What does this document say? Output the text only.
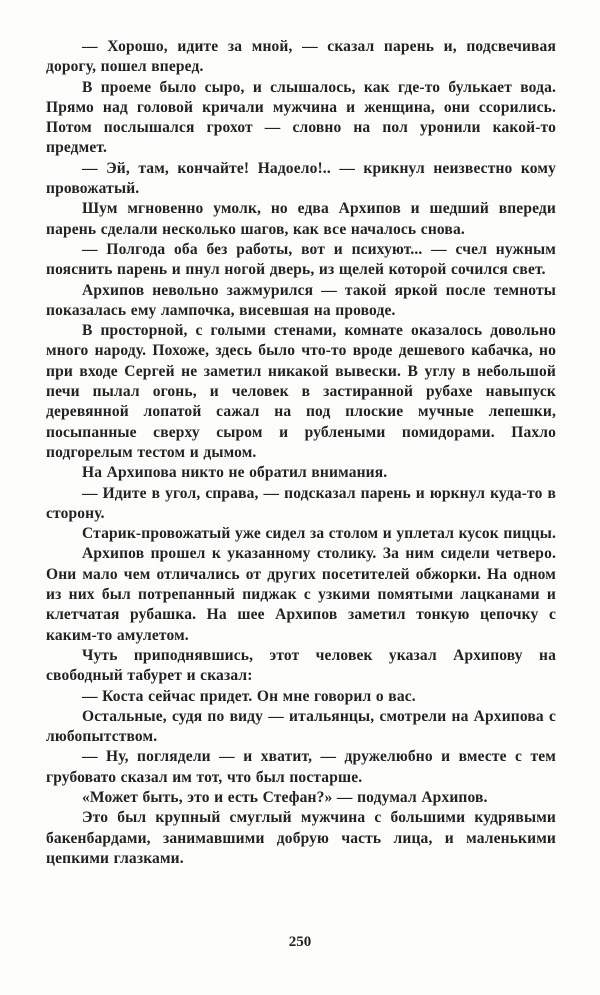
— Хорошо, идите за мной, — сказал парень и, подсвечивая дорогу, пошел вперед.

В проеме было сыро, и слышалось, как где-то булькает вода. Прямо над головой кричали мужчина и женщина, они ссорились. Потом послышался грохот — словно на пол уронили какой-то предмет.

— Эй, там, кончайте! Надоело!.. — крикнул неизвестно кому провожатый.

Шум мгновенно умолк, но едва Архипов и шедший впереди парень сделали несколько шагов, как все началось снова.

— Полгода оба без работы, вот и психуют... — счел нужным пояснить парень и пнул ногой дверь, из щелей которой сочился свет.

Архипов невольно зажмурился — такой яркой после темноты показалась ему лампочка, висевшая на проводе.

В просторной, с голыми стенами, комнате оказалось довольно много народу. Похоже, здесь было что-то вроде дешевого кабачка, но при входе Сергей не заметил никакой вывески. В углу в небольшой печи пылал огонь, и человек в застиранной рубахе навыпуск деревянной лопатой сажал на под плоские мучные лепешки, посыпанные сверху сыром и рублеными помидорами. Пахло подгорелым тестом и дымом.

На Архипова никто не обратил внимания.

— Идите в угол, справа, — подсказал парень и юркнул куда-то в сторону.

Старик-провожатый уже сидел за столом и уплетал кусок пиццы.

Архипов прошел к указанному столику. За ним сидели четверо. Они мало чем отличались от других посетителей обжорки. На одном из них был потрепанный пиджак с узкими помятыми лацканами и клетчатая рубашка. На шее Архипов заметил тонкую цепочку с каким-то амулетом.

Чуть приподнявшись, этот человек указал Архипову на свободный табурет и сказал:

— Коста сейчас придет. Он мне говорил о вас.

Остальные, судя по виду — итальянцы, смотрели на Архипова с любопытством.

— Ну, поглядели — и хватит, — дружелюбно и вместе с тем грубовато сказал им тот, что был постарше.

«Может быть, это и есть Стефан?» — подумал Архипов.

Это был крупный смуглый мужчина с большими кудрявыми бакенбардами, занимавшими добрую часть лица, и маленькими цепкими глазками.

250
